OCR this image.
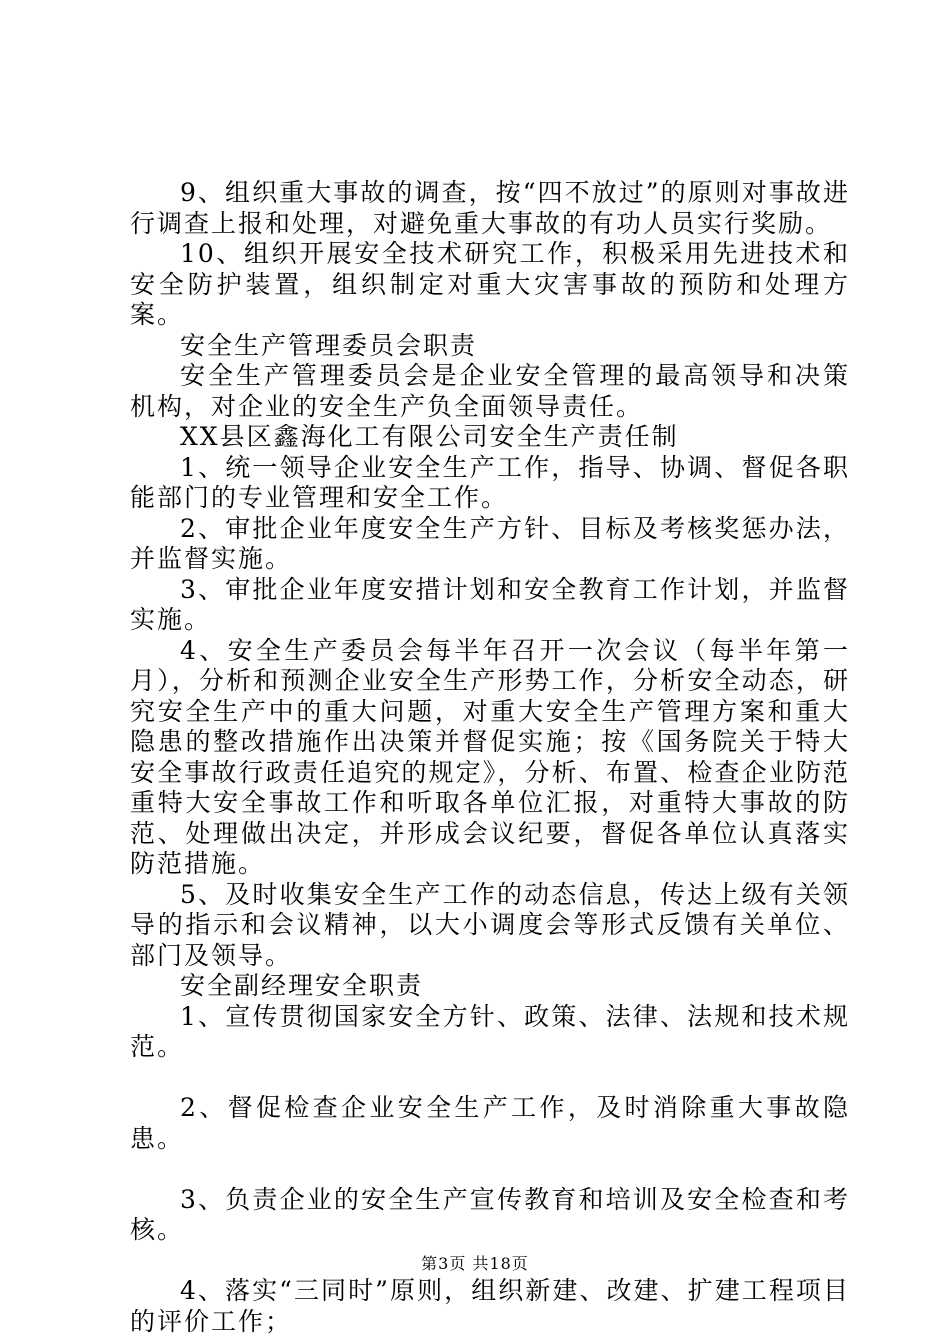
9、组织重大事故的调查，按“四不放过”的原则对事故进行调查上报和处理，对避免重大事故的有功人员实行奖励。

10、组织开展安全技术研究工作，积极采用先进技术和安全防护装置，组织制定对重大灾害事故的预防和处理方案。

安全生产管理委员会职责

安全生产管理委员会是企业安全管理的最高领导和决策机构，对企业的安全生产负全面领导责任。

XX县区鑫海化工有限公司安全生产责任制

1、统一领导企业安全生产工作，指导、协调、督促各职能部门的专业管理和安全工作。

2、审批企业年度安全生产方针、目标及考核奖惩办法，并监督实施。

3、审批企业年度安措计划和安全教育工作计划，并监督实施。

4、安全生产委员会每半年召开一次会议（每半年第一月），分析和预测企业安全生产形势工作，分析安全动态，研究安全生产中的重大问题，对重大安全生产管理方案和重大隐患的整改措施作出决策并督促实施；按《国务院关于特大安全事故行政责任追究的规定》，分析、布置、检查企业防范重特大安全事故工作和听取各单位汇报，对重特大事故的防范、处理做出决定，并形成会议纪要，督促各单位认真落实防范措施。

5、及时收集安全生产工作的动态信息，传达上级有关领导的指示和会议精神，以大小调度会等形式反馈有关单位、部门及领导。

安全副经理安全职责

1、宣传贯彻国家安全方针、政策、法律、法规和技术规范。

2、督促检查企业安全生产工作，及时消除重大事故隐患。

3、负责企业的安全生产宣传教育和培训及安全检查和考核。

4、落实“三同时”原则，组织新建、改建、扩建工程项目的评价工作；

第3页 共18页
